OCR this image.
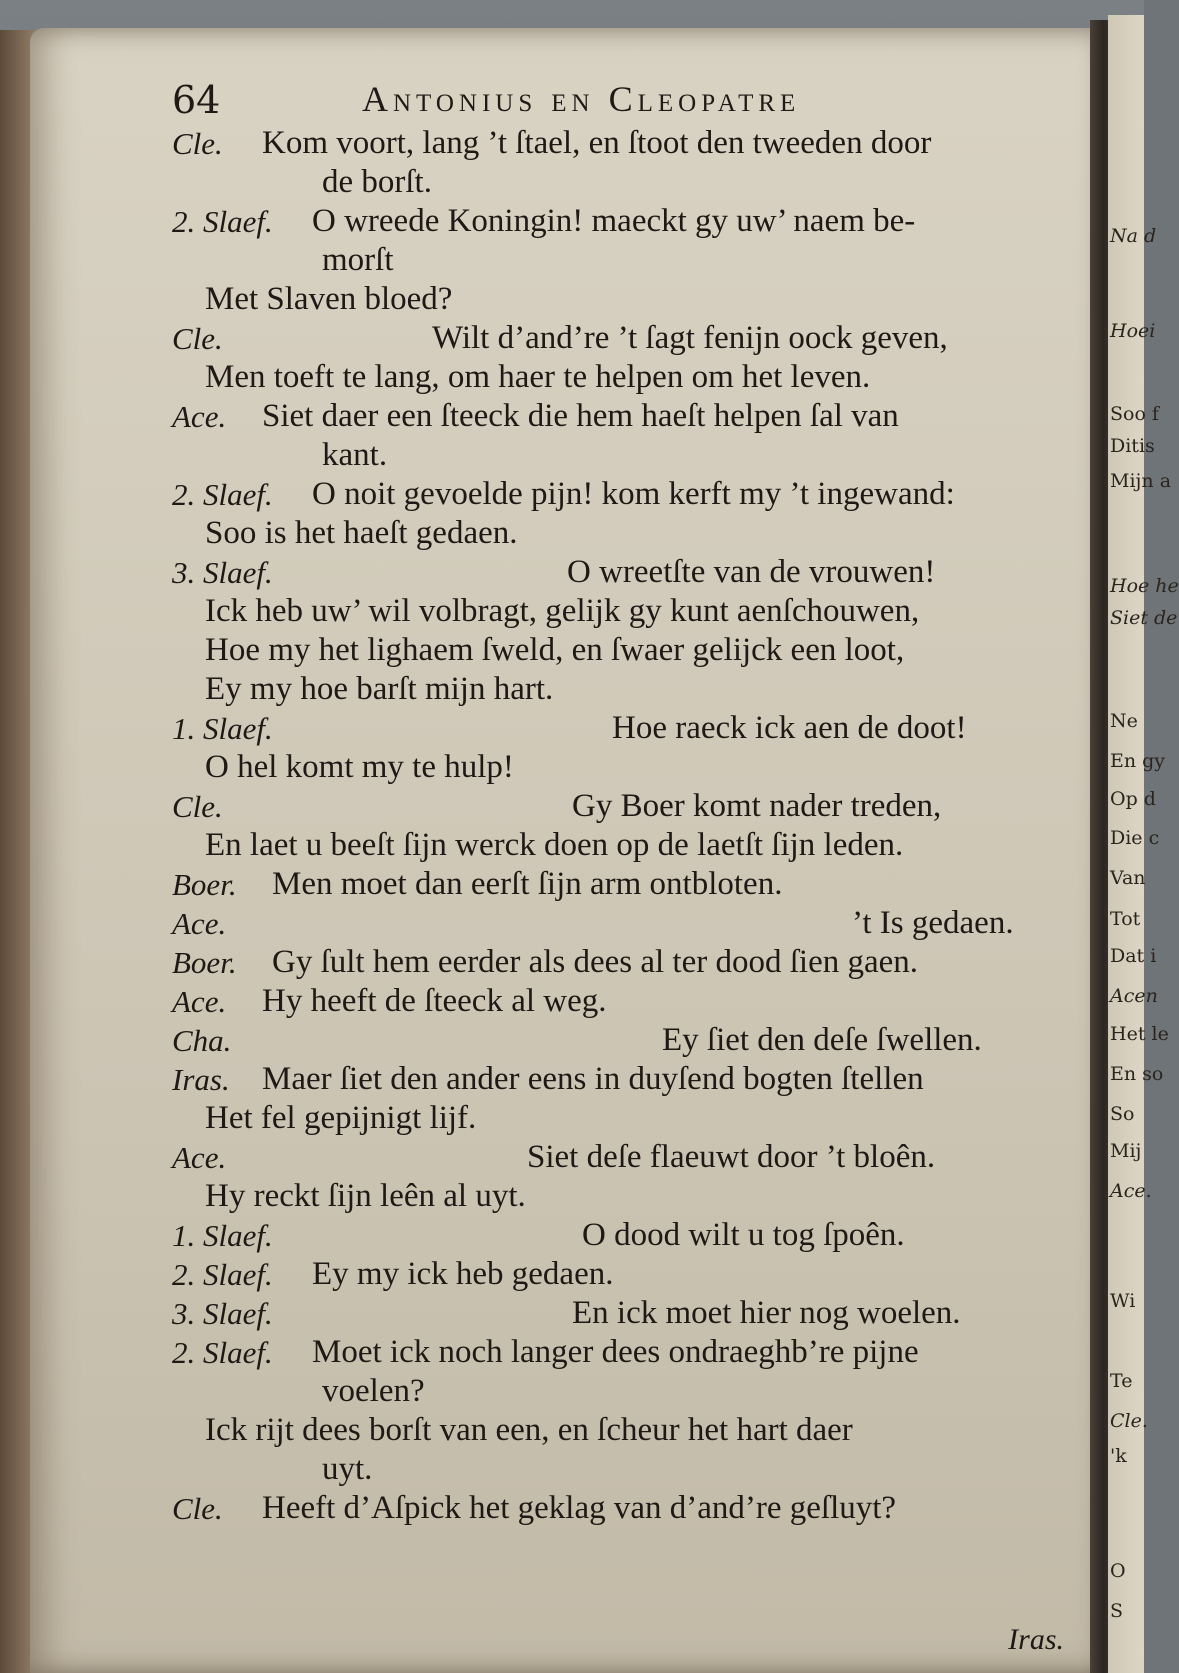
Na d
Hoei
Soo f
Ditis
Mijn a
Hoe he
Siet de
Ne
En gy
Op d
Die c
Van
Tot
Dat i
Acen
Het le
En so
So
Mij
Ace.
Wi
Te
Cle.
'k
O
S
64	Antonius en Cleopatre
Cle. Kom voort, lang ’t ſtael, en ſtoot den tweeden door
de borſt.
2. Slaef. O wreede Koningin! maeckt gy uw’ naem be-
morſt
Met Slaven bloed?
Cle.	Wilt d’and’re ’t ſagt fenijn oock geven,
Men toeft te lang, om haer te helpen om het leven.
Ace. Siet daer een ſteeck die hem haeſt helpen ſal van
kant.
2. Slaef. O noit gevoelde pijn! kom kerft my ’t ingewand:
Soo is het haeſt gedaen.
3. Slaef.	O wreetſte van de vrouwen!
Ick heb uw’ wil volbragt, gelijk gy kunt aenſchouwen,
Hoe my het lighaem ſweld, en ſwaer gelijck een loot,
Ey my hoe barſt mijn hart.
1. Slaef.	Hoe raeck ick aen de doot!
O hel komt my te hulp!
Cle.	Gy Boer komt nader treden,
En laet u beeſt ſijn werck doen op de laetſt ſijn leden.
Boer. Men moet dan eerſt ſijn arm ontbloten.
Ace.	’t Is gedaen.
Boer. Gy ſult hem eerder als dees al ter dood ſien gaen.
Ace. Hy heeft de ſteeck al weg.
Cha.	Ey ſiet den deſe ſwellen.
Iras. Maer ſiet den ander eens in duyſend bogten ſtellen
Het fel gepijnigt lijf.
Ace.	Siet deſe flaeuwt door ’t bloên.
Hy reckt ſijn leên al uyt.
1. Slaef.	O dood wilt u tog ſpoên.
2. Slaef. Ey my ick heb gedaen.
3. Slaef.	En ick moet hier nog woelen.
2. Slaef. Moet ick noch langer dees ondraeghb’re pijne
voelen?
Ick rijt dees borſt van een, en ſcheur het hart daer
uyt.
Cle. Heeft d’Aſpick het geklag van d’and’re geſluyt?
Iras.
